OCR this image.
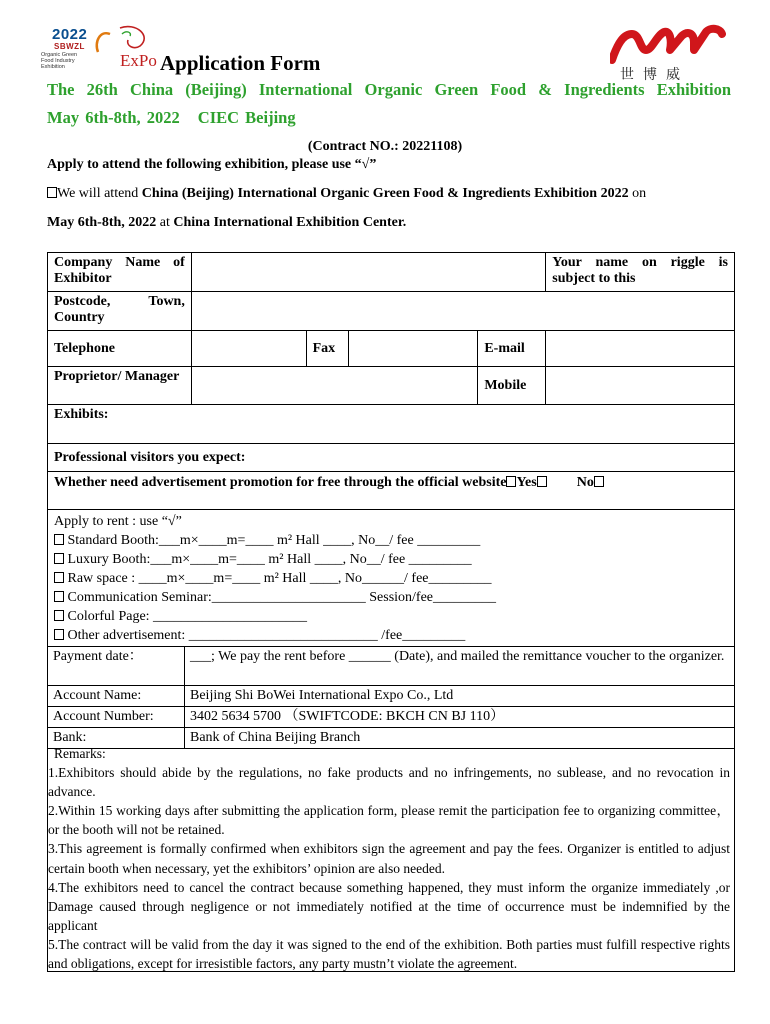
2022
SBWZL
Organic Green Food Industry Exhibition	ExPo Application Form	世博威
The 26th China (Beijing) International Organic Green Food & Ingredients Exhibition
May 6th-8th, 2022 CIEC Beijing
(Contract NO.: 20221108)
Apply to attend the following exhibition, please use “√”
We will attend China (Beijing) International Organic Green Food & Ingredients Exhibition 2022 on
May 6th-8th, 2022 at China International Exhibition Center.
Company Name of Exhibitor					Your name on riggle is subject to this
Postcode, Town, Country					
Telephone		Fax		E-mail	
Proprietor/ Manager				Mobile	
Exhibits:					
Professional visitors you expect:					
Whether need advertisement promotion for free through the official website Yes No					
Apply to rent : use “√”
Standard Booth:___m×____m=____ m² Hall ____, No__/ fee _________
Luxury Booth:___m×____m=____ m² Hall ____, No__/ fee _________
Raw space : ____m×____m=____ m² Hall ____, No______/ fee_________
Communication Seminar:______________________ Session/fee_________
Colorful Page: ______________________
Other advertisement: ___________________________ /fee_________
Payment date：	___; We pay the rent before ______ (Date), and mailed the remittance voucher to the organizer.
Account Name:	Beijing Shi BoWei International Expo Co., Ltd
Account Number:	3402 5634 5700 （SWIFTCODE: BKCH CN BJ 110）
Bank:	Bank of China Beijing Branch

Remarks:

1.Exhibitors should abide by the regulations, no fake products and no infringements, no sublease, and no revocation in advance.

2.Within 15 working days after submitting the application form, please remit the participation fee to organizing committee，or the booth will not be retained.

3.This agreement is formally confirmed when exhibitors sign the agreement and pay the fees. Organizer is entitled to adjust certain booth when necessary, yet the exhibitors’ opinion are also needed.

4.The exhibitors need to cancel the contract because something happened, they must inform the organize immediately ,or Damage caused through negligence or not immediately notified at the time of occurrence must be indemnified by the applicant

5.The contract will be valid from the day it was signed to the end of the exhibition. Both parties must fulfill respective rights and obligations, except for irresistible factors, any party mustn’t violate the agreement.
